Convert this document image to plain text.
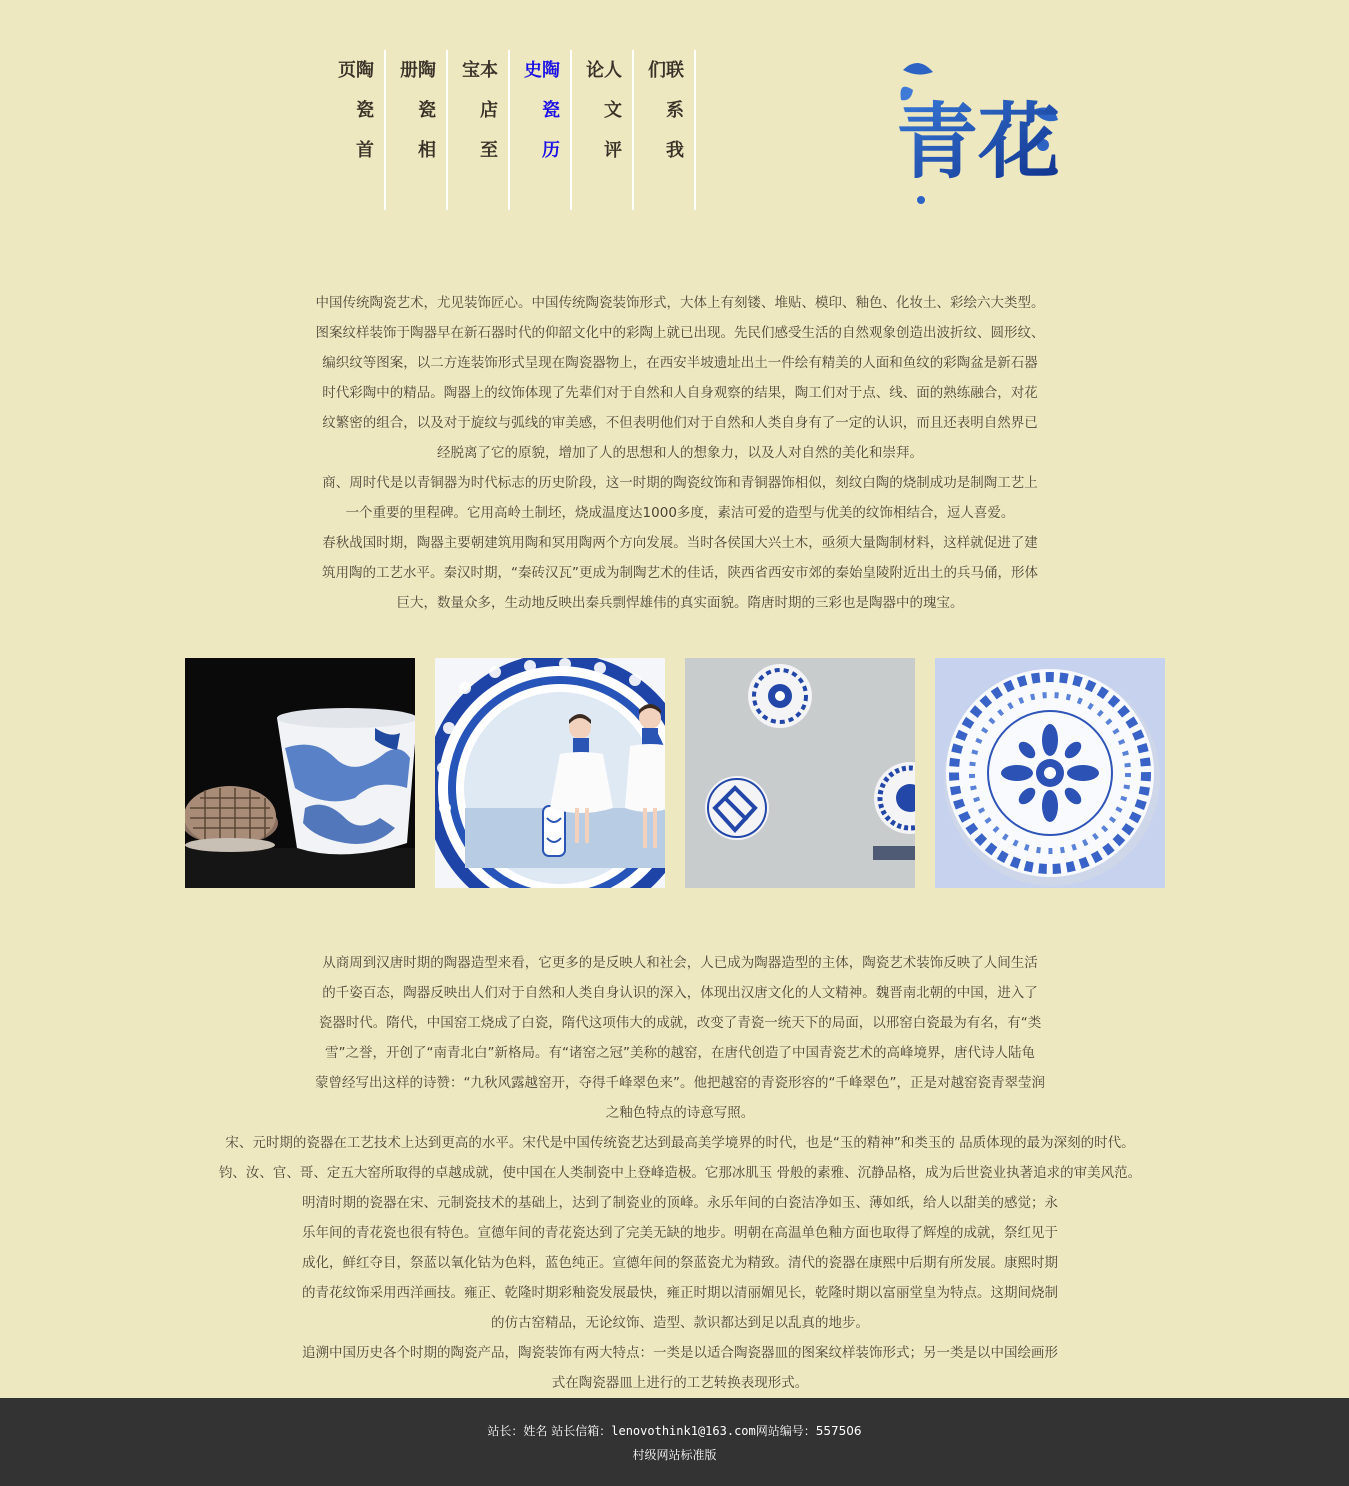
陶瓷首页	陶瓷相册	本店至宝	陶瓷历史	人文评论	联系我们
青花

中国传统陶瓷艺术，尤见装饰匠心。中国传统陶瓷装饰形式，大体上有刻镂、堆贴、模印、釉色、化妆土、彩绘六大类型。

图案纹样装饰于陶器早在新石器时代的仰韶文化中的彩陶上就已出现。先民们感受生活的自然观象创造出波折纹、圆形纹、

编织纹等图案，以二方连装饰形式呈现在陶瓷器物上，在西安半坡遗址出土一件绘有精美的人面和鱼纹的彩陶盆是新石器

时代彩陶中的精品。陶器上的纹饰体现了先辈们对于自然和人自身观察的结果，陶工们对于点、线、面的熟练融合，对花

纹繁密的组合，以及对于旋纹与弧线的审美感，不但表明他们对于自然和人类自身有了一定的认识，而且还表明自然界已

经脱离了它的原貌，增加了人的思想和人的想象力，以及人对自然的美化和崇拜。

商、周时代是以青铜器为时代标志的历史阶段，这一时期的陶瓷纹饰和青铜器饰相似，刻纹白陶的烧制成功是制陶工艺上

一个重要的里程碑。它用高岭土制坯，烧成温度达1000多度，素洁可爱的造型与优美的纹饰相结合，逗人喜爱。

春秋战国时期，陶器主要朝建筑用陶和冥用陶两个方向发展。当时各侯国大兴土木，亟须大量陶制材料，这样就促进了建

筑用陶的工艺水平。秦汉时期，“秦砖汉瓦”更成为制陶艺术的佳话，陕西省西安市郊的秦始皇陵附近出土的兵马俑，形体

巨大，数量众多，生动地反映出秦兵剽悍雄伟的真实面貌。隋唐时期的三彩也是陶器中的瑰宝。

从商周到汉唐时期的陶器造型来看，它更多的是反映人和社会，人已成为陶器造型的主体，陶瓷艺术装饰反映了人间生活

的千姿百态，陶器反映出人们对于自然和人类自身认识的深入，体现出汉唐文化的人文精神。魏晋南北朝的中国，进入了

瓷器时代。隋代，中国窑工烧成了白瓷，隋代这项伟大的成就，改变了青瓷一统天下的局面，以邢窑白瓷最为有名，有“类

雪”之誉，开创了“南青北白”新格局。有“诸窑之冠”美称的越窑，在唐代创造了中国青瓷艺术的高峰境界，唐代诗人陆龟

蒙曾经写出这样的诗赞：“九秋风露越窑开，夺得千峰翠色来”。他把越窑的青瓷形容的“千峰翠色”，正是对越窑瓷青翠莹润

之釉色特点的诗意写照。

宋、元时期的瓷器在工艺技术上达到更高的水平。宋代是中国传统瓷艺达到最高美学境界的时代，也是“玉的精神”和类玉的 品质体现的最为深刻的时代。

钧、汝、官、哥、定五大窑所取得的卓越成就，使中国在人类制瓷中上登峰造极。它那冰肌玉 骨般的素雅、沉静品格，成为后世瓷业执著追求的审美风范。

明清时期的瓷器在宋、元制瓷技术的基础上，达到了制瓷业的顶峰。永乐年间的白瓷洁净如玉、薄如纸，给人以甜美的感觉；永

乐年间的青花瓷也很有特色。宣德年间的青花瓷达到了完美无缺的地步。明朝在高温单色釉方面也取得了辉煌的成就，祭红见于

成化，鲜红夺目，祭蓝以氧化钴为色料，蓝色纯正。宣德年间的祭蓝瓷尤为精致。清代的瓷器在康熙中后期有所发展。康熙时期

的青花纹饰采用西洋画技。雍正、乾隆时期彩釉瓷发展最快，雍正时期以清丽媚见长，乾隆时期以富丽堂皇为特点。这期间烧制

的仿古窑精品，无论纹饰、造型、款识都达到足以乱真的地步。

追溯中国历史各个时期的陶瓷产品，陶瓷装饰有两大特点：一类是以适合陶瓷器皿的图案纹样装饰形式；另一类是以中国绘画形

式在陶瓷器皿上进行的工艺转换表现形式。

站长：姓名 站长信箱：lenovothink1@163.com网站编号：557506
村级网站标准版
